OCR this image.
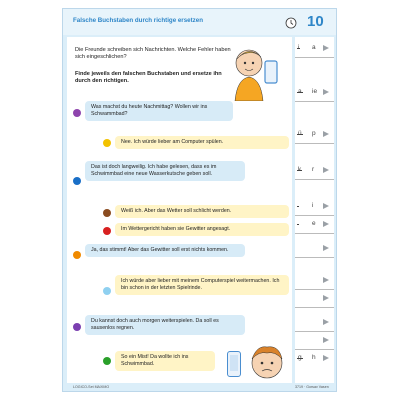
Falsche Buchstaben durch richtige ersetzen	10
Die Freunde schreiben sich Nachrichten. Welche Fehler haben sich eingeschlichen?
Finde jeweils den falschen Buchstaben und ersetze ihn durch den richtigen.
Was machst du heute Nachmittag? Wollen wir ins Schwammbad?
Nee. Ich würde lieber am Computer spülen.
Das ist doch langweilig. Ich habe gelesen, dass es im Schwimmbad eine neue Wasserkutsche geben soll.
Weiß ich. Aber das Wetter soll schlicht werden.
Im Wettergericht haben sie Gewitter angesagt.
Ja, das stimmt! Aber das Gewitter soll erst nichts kommen.
Ich würde aber lieber mit meinem Computerspiel weitermachen. Ich bin schon in der letzten Spielrinde.
Du kannst doch auch morgen weiterspielen. Da soll es sausenlos regnen.
So ein Mist! Da wollte ich ins Schwimmbad.
LOGICO-Set MAXIMO
i a
a ie
ü p
k r
i
e
g h
3719 · Gorsav Vasen
